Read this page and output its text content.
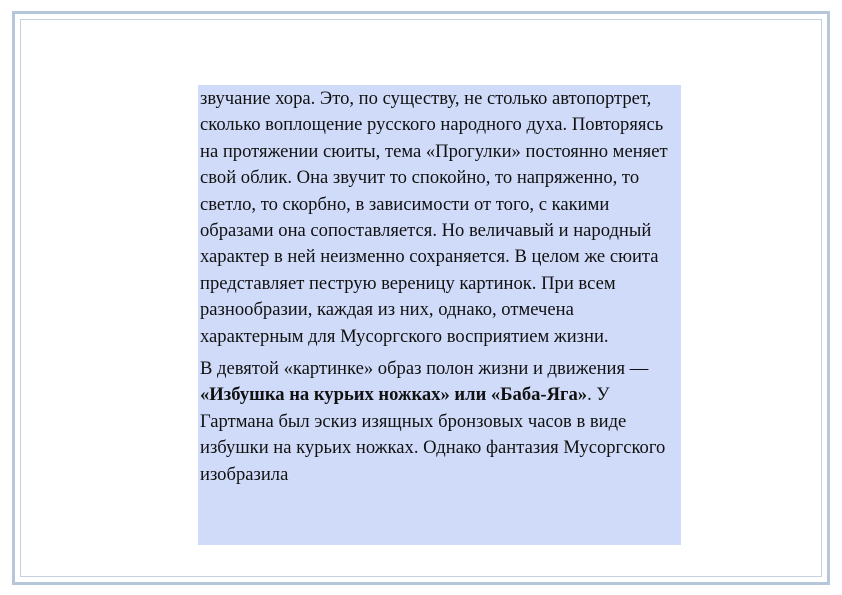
звучание хора. Это, по существу, не столько автопортрет, сколько воплощение русского народного духа. Повторяясь на протяжении сюиты, тема «Прогулки» постоянно меняет свой облик. Она звучит то спокойно, то напряженно, то светло, то скорбно, в зависимости от того, с какими образами она сопоставляется. Но величавый и народный характер в ней неизменно сохраняется. В целом же сюита представляет пеструю вереницу картинок. При всем разнообразии, каждая из них, однако, отмечена характерным для Мусоргского восприятием жизни.

В девятой «картинке» образ полон жизни и движения — «Избушка на курьих ножках» или «Баба-Яга». У Гартмана был эскиз изящных бронзовых часов в виде избушки на курьих ножках. Однако фантазия Мусоргского изобразила
